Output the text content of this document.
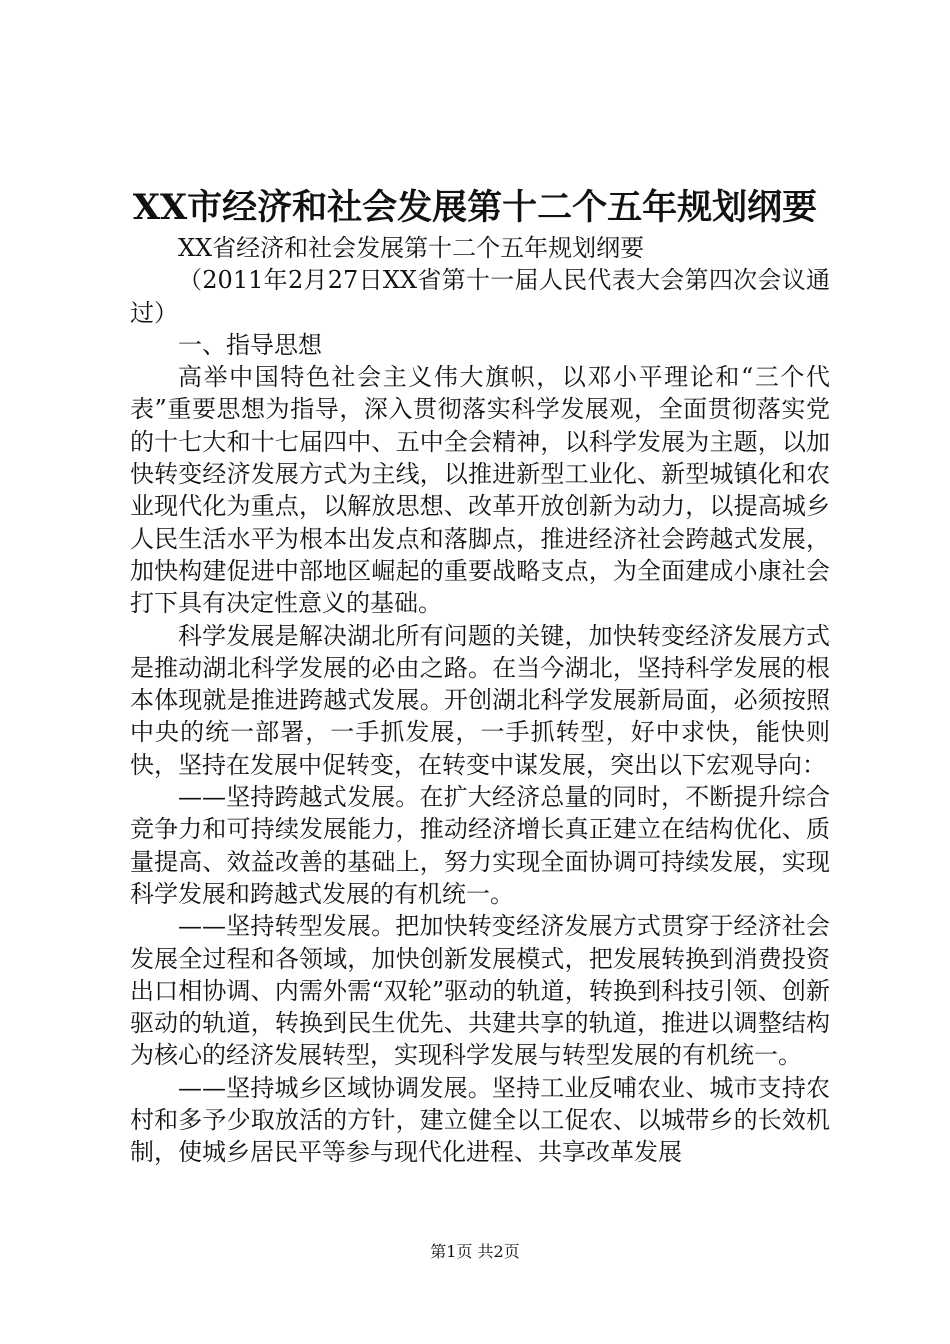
XX市经济和社会发展第十二个五年规划纲要

XX省经济和社会发展第十二个五年规划纲要

（2011年2月27日XX省第十一届人民代表大会第四次会议通过）

一、指导思想

高举中国特色社会主义伟大旗帜，以邓小平理论和“三个代表”重要思想为指导，深入贯彻落实科学发展观，全面贯彻落实党的十七大和十七届四中、五中全会精神，以科学发展为主题，以加快转变经济发展方式为主线，以推进新型工业化、新型城镇化和农业现代化为重点，以解放思想、改革开放创新为动力，以提高城乡人民生活水平为根本出发点和落脚点，推进经济社会跨越式发展，加快构建促进中部地区崛起的重要战略支点，为全面建成小康社会打下具有决定性意义的基础。

科学发展是解决湖北所有问题的关键，加快转变经济发展方式是推动湖北科学发展的必由之路。在当今湖北，坚持科学发展的根本体现就是推进跨越式发展。开创湖北科学发展新局面，必须按照中央的统一部署，一手抓发展，一手抓转型，好中求快，能快则快，坚持在发展中促转变，在转变中谋发展，突出以下宏观导向：

——坚持跨越式发展。在扩大经济总量的同时，不断提升综合竞争力和可持续发展能力，推动经济增长真正建立在结构优化、质量提高、效益改善的基础上，努力实现全面协调可持续发展，实现科学发展和跨越式发展的有机统一。

——坚持转型发展。把加快转变经济发展方式贯穿于经济社会发展全过程和各领域，加快创新发展模式，把发展转换到消费投资出口相协调、内需外需“双轮”驱动的轨道，转换到科技引领、创新驱动的轨道，转换到民生优先、共建共享的轨道，推进以调整结构为核心的经济发展转型，实现科学发展与转型发展的有机统一。

——坚持城乡区域协调发展。坚持工业反哺农业、城市支持农村和多予少取放活的方针，建立健全以工促农、以城带乡的长效机制，使城乡居民平等参与现代化进程、共享改革发展

第1页 共2页
